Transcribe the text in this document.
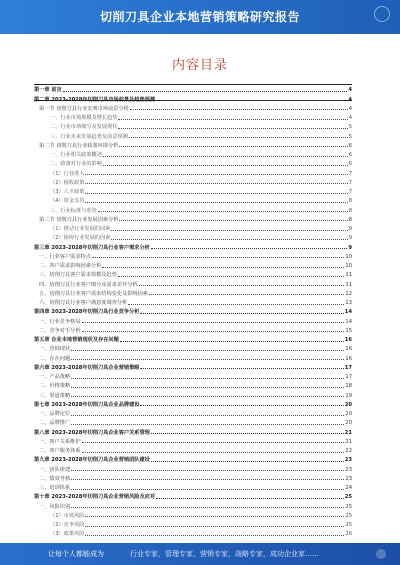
切削刀具企业本地营销策略研究报告
内容目录
第一章 前言	4
第二章 2023-2028年切削刀具市场前景及趋势预测	4
第一节 切削刀具行业宏观市场前景分析	4
一、行业市场规模及增长趋势	4
二、行业市场细分及发展现状	5
三、行业未来发展趋势及前景预测	5
第二节 切削刀具行业政策环境分析	6
一、行业相关政策概述	6
二、政策对行业的影响	6
（1）行业准入	7
（2）税收政策	7
（3）人才政策	7
（4）资金支持	8
三、行业标准与监管	8
第三节 切削刀具行业发展因素分析	8
（1）推动行业发展的因素	9
（2）阻碍行业发展的因素	9
第三章 2023-2028年切削刀具行业客户需求分析	9
一、行业客户需求特点	10
二、客户需求影响因素分析	10
三、切削刀具客户需求规模及趋势	11
四、切削刀具行业客户细分及需求差异分析	11
五、切削刀具行业客户需求结构变化及影响因素	12
六、切削刀具行业客户满意度调查分析	13
第四章 2023-2028年切削刀具行业竞争分析	14
一、行业竞争格局	14
二、竞争对手分析	15
第五章 企业本地营销现状及存在问题	16
一、营销现状	16
二、存在问题	16
第六章 2023-2028年切削刀具企业营销策略	17
一、产品策略	17
二、价格策略	18
三、渠道策略	19
第七章 2023-2028年切削刀具企业品牌建设	20
一、品牌定位	20
二、品牌推广	20
第八章 2023-2028年切削刀具企业客户关系管理	21
一、客户关系维护	21
二、客户服务体系	22
第九章 2023-2028年切削刀具企业营销团队建设	23
一、团队组建	23
二、绩效考核	23
三、培训体系	24
第十章 2023-2028年切削刀具企业营销风险及应对	25
一、风险识别	25
（1）市场风险	25
（2）竞争风险	25
（3）政策风险	26
让每个人都能成为	行业专家，管理专家，营销专家，战略专家，成功企业家……
